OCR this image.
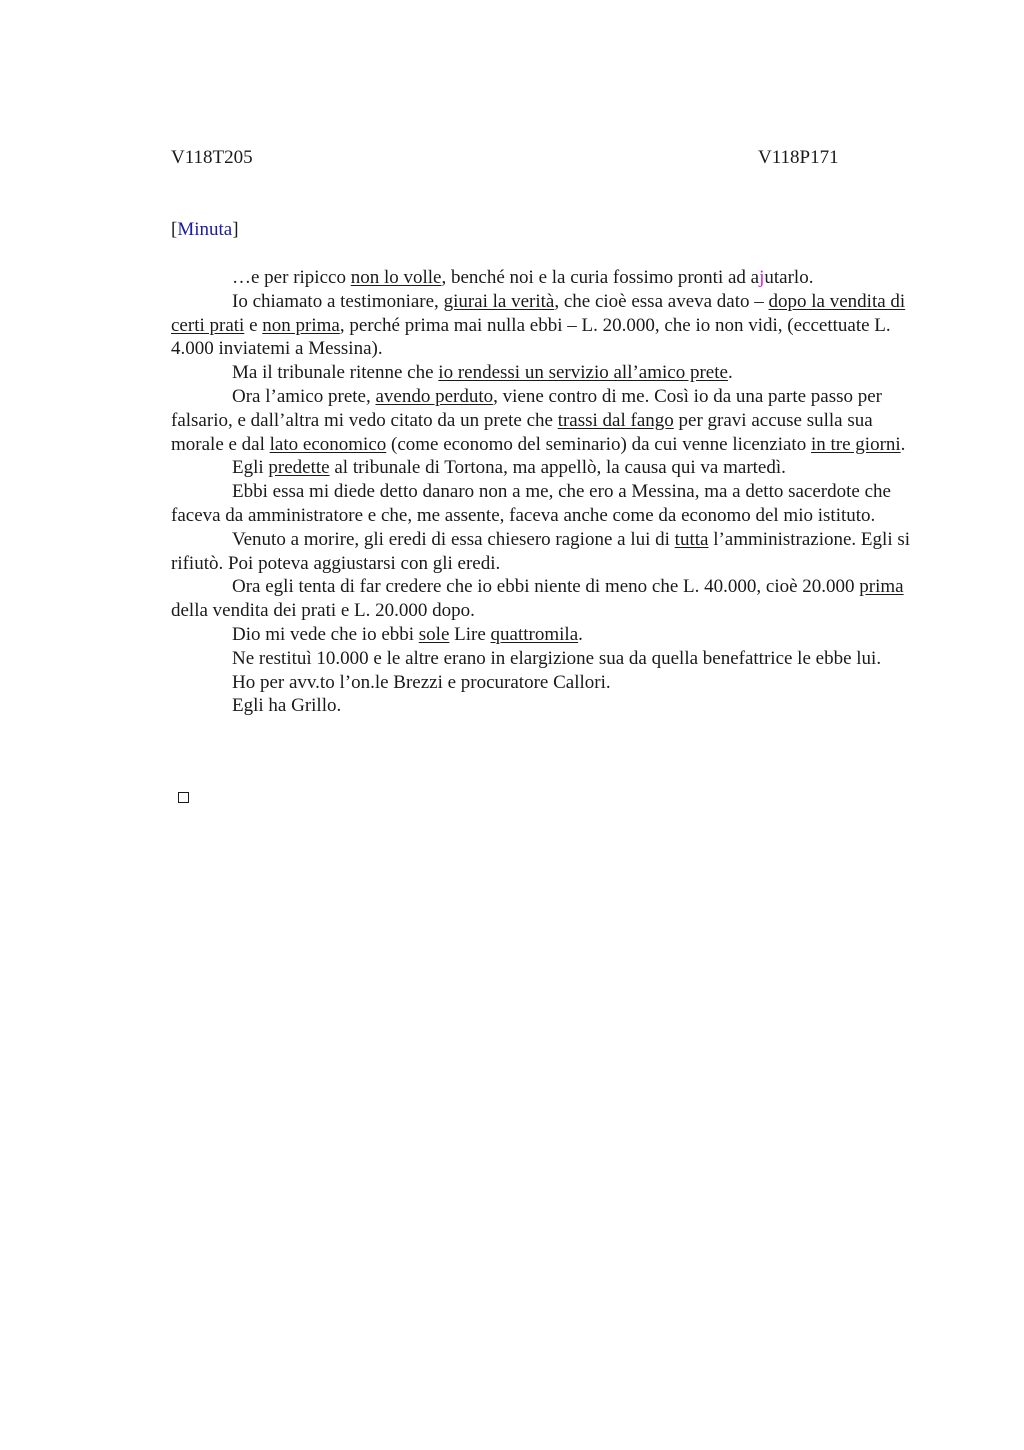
V118T205	V118P171
[Minuta]

…e per ripicco non lo volle, benché noi e la curia fossimo pronti ad ajutarlo.

Io chiamato a testimoniare, giurai la verità, che cioè essa aveva dato – dopo la vendita di certi prati e non prima, perché prima mai nulla ebbi – L. 20.000, che io non vidi, (eccettuate L. 4.000 inviatemi a Messina).

Ma il tribunale ritenne che io rendessi un servizio all’amico prete.

Ora l’amico prete, avendo perduto, viene contro di me. Così io da una parte passo per falsario, e dall’altra mi vedo citato da un prete che trassi dal fango per gravi accuse sulla sua morale e dal lato economico (come economo del seminario) da cui venne licenziato in tre giorni.

Egli predette al tribunale di Tortona, ma appellò, la causa qui va martedì.

Ebbi essa mi diede detto danaro non a me, che ero a Messina, ma a detto sacerdote che faceva da amministratore e che, me assente, faceva anche come da economo del mio istituto.

Venuto a morire, gli eredi di essa chiesero ragione a lui di tutta l’amministrazione. Egli si rifiutò. Poi poteva aggiustarsi con gli eredi.

Ora egli tenta di far credere che io ebbi niente di meno che L. 40.000, cioè 20.000 prima della vendita dei prati e L. 20.000 dopo.

Dio mi vede che io ebbi sole Lire quattromila.

Ne restituì 10.000 e le altre erano in elargizione sua da quella benefattrice le ebbe lui.

Ho per avv.to l’on.le Brezzi e procuratore Callori.

Egli ha Grillo.
